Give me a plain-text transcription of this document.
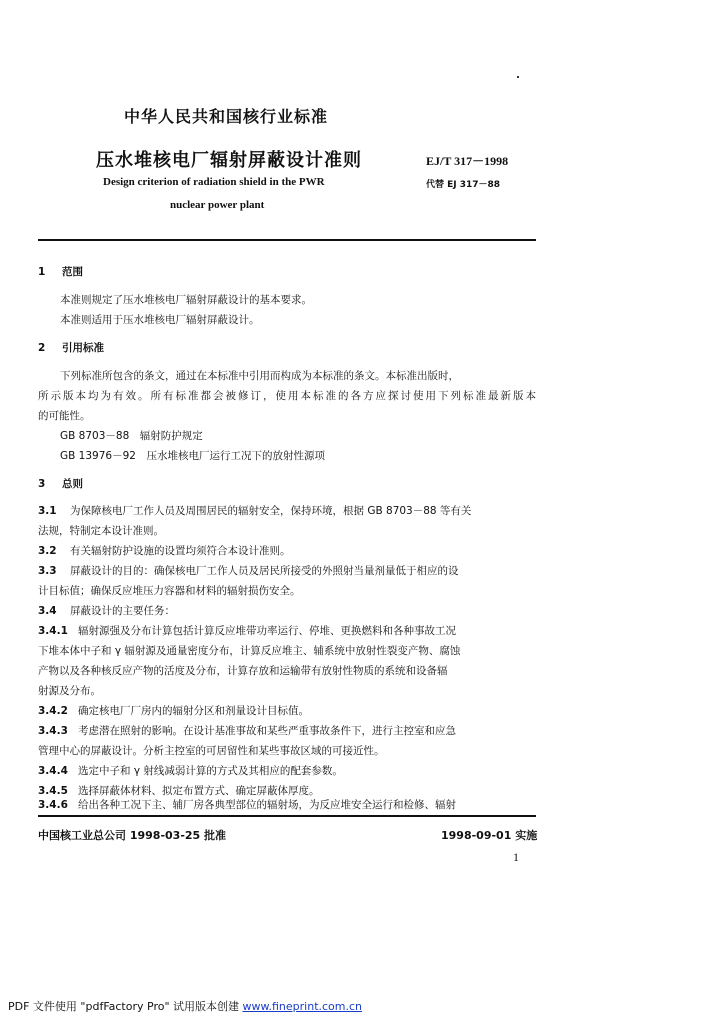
中华人民共和国核行业标准
压水堆核电厂辐射屏蔽设计准则	EJ/T 317－1998
Design criterion of radiation shield in the PWR	代替 EJ 317－88
nuclear power plant
1 范围
本准则规定了压水堆核电厂辐射屏蔽设计的基本要求。
本准则适用于压水堆核电厂辐射屏蔽设计。
2 引用标准
下列标准所包含的条文，通过在本标准中引用而构成为本标准的条文。本标准出版时，
所示版本均为有效。所有标准都会被修订，使用本标准的各方应探讨使用下列标准最新版本
的可能性。
GB 8703－88　辐射防护规定
GB 13976－92　压水堆核电厂运行工况下的放射性源项
3 总则
3.1 为保障核电厂工作人员及周围居民的辐射安全，保持环境，根据 GB 8703－88 等有关
法规，特制定本设计准则。
3.2 有关辐射防护设施的设置均须符合本设计准则。
3.3 屏蔽设计的目的：确保核电厂工作人员及居民所接受的外照射当量剂量低于相应的设
计目标值；确保反应堆压力容器和材料的辐射损伤安全。
3.4 屏蔽设计的主要任务：
3.4.1 辐射源强及分布计算包括计算反应堆带功率运行、停堆、更换燃料和各种事故工况
下堆本体中子和 γ 辐射源及通量密度分布，计算反应堆主、辅系统中放射性裂变产物、腐蚀
产物以及各种核反应产物的活度及分布，计算存放和运输带有放射性物质的系统和设备辐
射源及分布。
3.4.2 确定核电厂厂房内的辐射分区和剂量设计目标值。
3.4.3 考虑潜在照射的影响。在设计基准事故和某些严重事故条件下，进行主控室和应急
管理中心的屏蔽设计。分析主控室的可居留性和某些事故区域的可接近性。
3.4.4 选定中子和 γ 射线减弱计算的方式及其相应的配套参数。
3.4.5 选择屏蔽体材料、拟定布置方式、确定屏蔽体厚度。
3.4.6 给出各种工况下主、辅厂房各典型部位的辐射场，为反应堆安全运行和检修、辐射
中国核工业总公司 1998-03-25 批准	1998-09-01 实施
1
PDF 文件使用 "pdfFactory Pro" 试用版本创建 www.fineprint.com.cn
